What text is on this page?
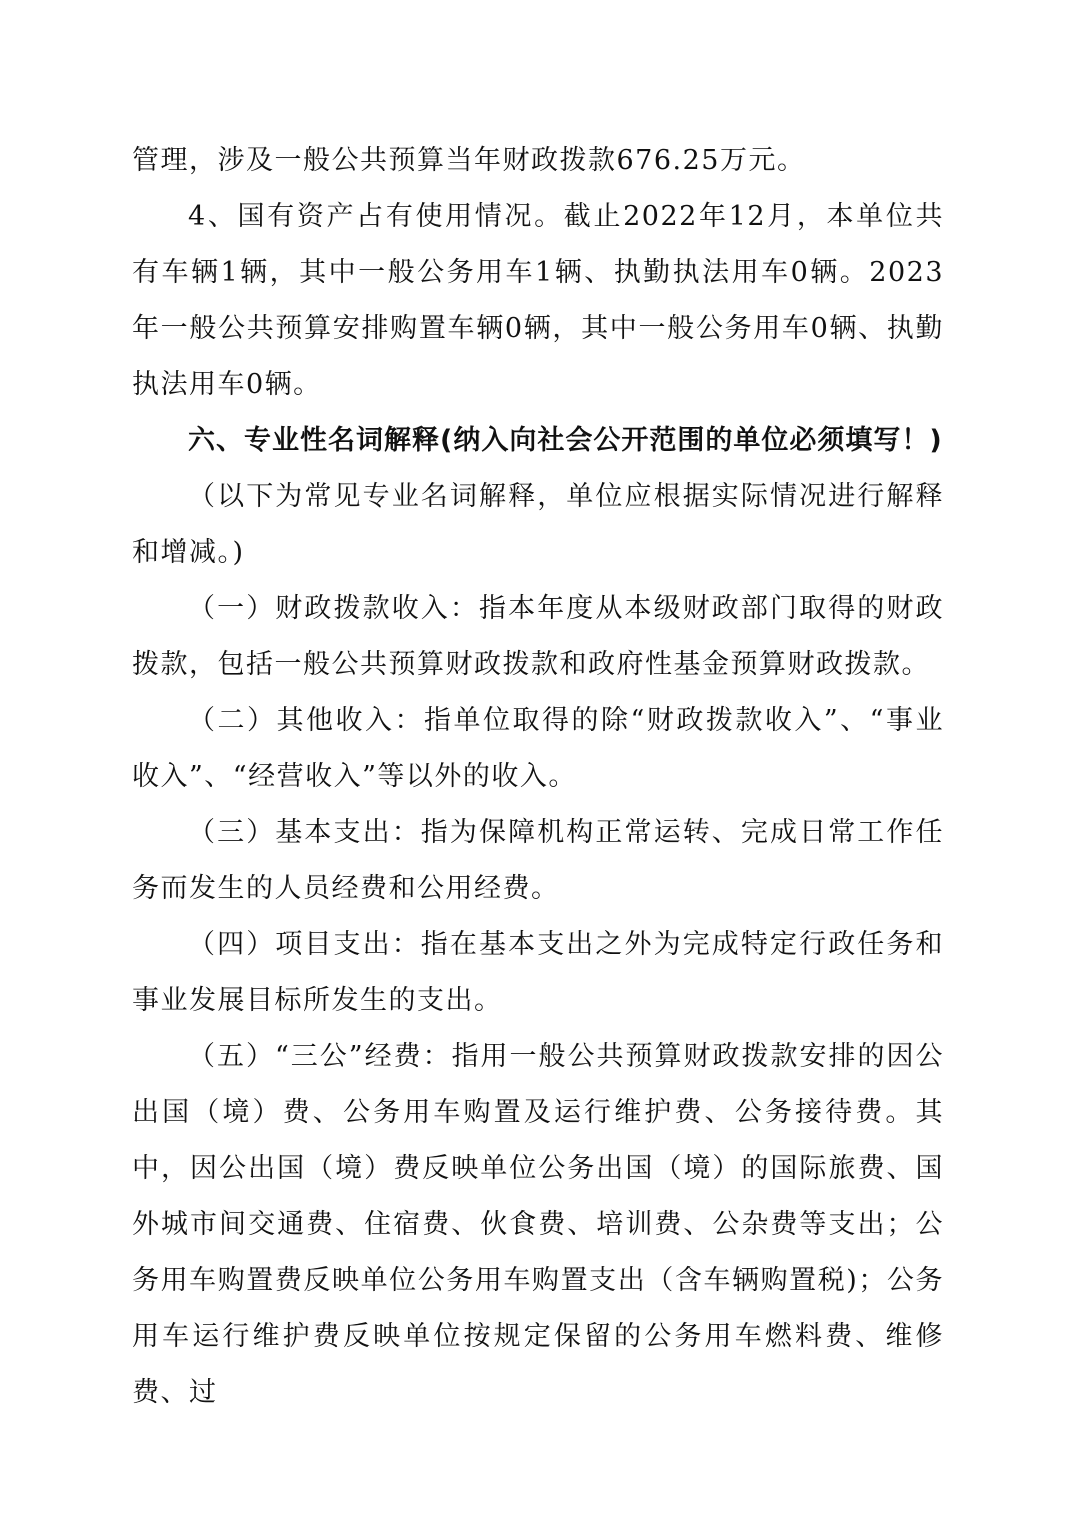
管理，涉及一般公共预算当年财政拨款676.25万元。

4、国有资产占有使用情况。截止2022年12月，本单位共有车辆1辆，其中一般公务用车1辆、执勤执法用车0辆。2023年一般公共预算安排购置车辆0辆，其中一般公务用车0辆、执勤执法用车0辆。

六、专业性名词解释(纳入向社会公开范围的单位必须填写！)

（以下为常见专业名词解释，单位应根据实际情况进行解释和增减。)

（一）财政拨款收入：指本年度从本级财政部门取得的财政拨款，包括一般公共预算财政拨款和政府性基金预算财政拨款。

（二）其他收入：指单位取得的除“财政拨款收入”、“事业收入”、“经营收入”等以外的收入。

（三）基本支出：指为保障机构正常运转、完成日常工作任务而发生的人员经费和公用经费。

（四）项目支出：指在基本支出之外为完成特定行政任务和事业发展目标所发生的支出。

（五）“三公”经费：指用一般公共预算财政拨款安排的因公出国（境）费、公务用车购置及运行维护费、公务接待费。其中，因公出国（境）费反映单位公务出国（境）的国际旅费、国外城市间交通费、住宿费、伙食费、培训费、公杂费等支出；公务用车购置费反映单位公务用车购置支出（含车辆购置税)；公务用车运行维护费反映单位按规定保留的公务用车燃料费、维修费、过
